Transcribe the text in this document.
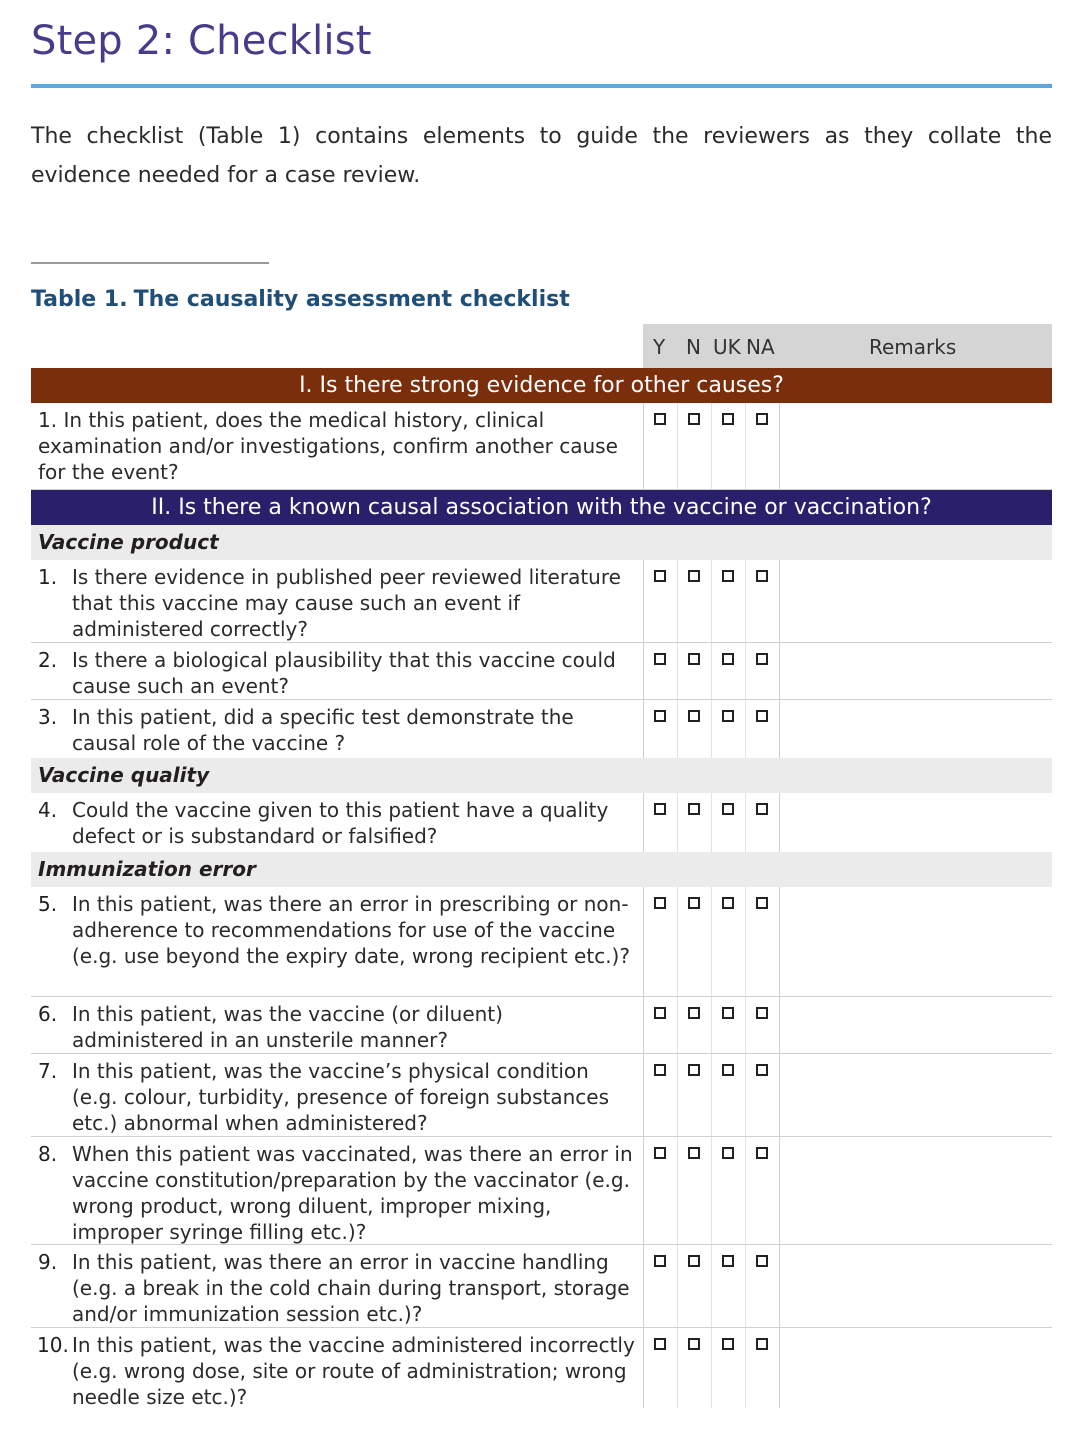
Step 2: Checklist

The checklist (Table 1) contains elements to guide the reviewers as they collate the evidence needed for a case review.

Table 1. The causality assessment checklist

Y N UK NA	Remarks
I. Is there strong evidence for other causes?
1. In this patient, does the medical history, clinical examination and/or investigations, confirm another cause for the event?
II. Is there a known causal association with the vaccine or vaccination?
Vaccine product
1. Is there evidence in published peer reviewed literature that this vaccine may cause such an event if administered correctly?
2. Is there a biological plausibility that this vaccine could cause such an event?
3. In this patient, did a specific test demonstrate the causal role of the vaccine ?
Vaccine quality
4. Could the vaccine given to this patient have a quality defect or is substandard or falsified?
Immunization error
5. In this patient, was there an error in prescribing or non-adherence to recommendations for use of the vaccine (e.g. use beyond the expiry date, wrong recipient etc.)?
6. In this patient, was the vaccine (or diluent) administered in an unsterile manner?
7. In this patient, was the vaccine’s physical condition (e.g. colour, turbidity, presence of foreign substances etc.) abnormal when administered?
8. When this patient was vaccinated, was there an error in vaccine constitution/preparation by the vaccinator (e.g. wrong product, wrong diluent, improper mixing, improper syringe filling etc.)?
9. In this patient, was there an error in vaccine handling (e.g. a break in the cold chain during transport, storage and/or immunization session etc.)?
10. In this patient, was the vaccine administered incorrectly (e.g. wrong dose, site or route of administration; wrong needle size etc.)?
